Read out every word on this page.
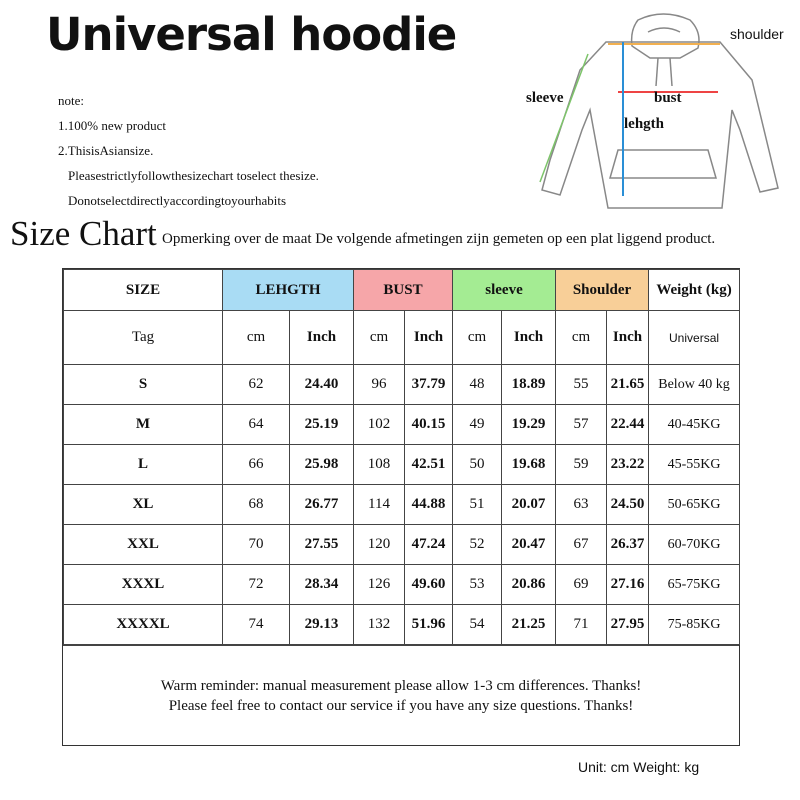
Universal hoodie
note:
1.100% new product
2.ThisisAsiansize.
Pleasestrictlyfollowthesizechart toselect thesize.
Donotselectdirectlyaccordingtoyourhabits
shoulder
sleeve	bust
lehgth
Size Chart Opmerking over de maat De volgende afmetingen zijn gemeten op een plat liggend product.
SIZE	LEHGTH		BUST		sleeve		Shoulder		Weight (kg)
Tag	cm	Inch	cm	Inch	cm	Inch	cm	Inch	Universal
S	62	24.40	96	37.79	48	18.89	55	21.65	Below 40 kg
M	64	25.19	102	40.15	49	19.29	57	22.44	40-45KG
L	66	25.98	108	42.51	50	19.68	59	23.22	45-55KG
XL	68	26.77	114	44.88	51	20.07	63	24.50	50-65KG
XXL	70	27.55	120	47.24	52	20.47	67	26.37	60-70KG
XXXL	72	28.34	126	49.60	53	20.86	69	27.16	65-75KG
XXXXL	74	29.13	132	51.96	54	21.25	71	27.95	75-85KG
Warm reminder: manual measurement please allow 1-3 cm differences. Thanks!
Please feel free to contact our service if you have any size questions. Thanks!
Unit: cm Weight: kg
